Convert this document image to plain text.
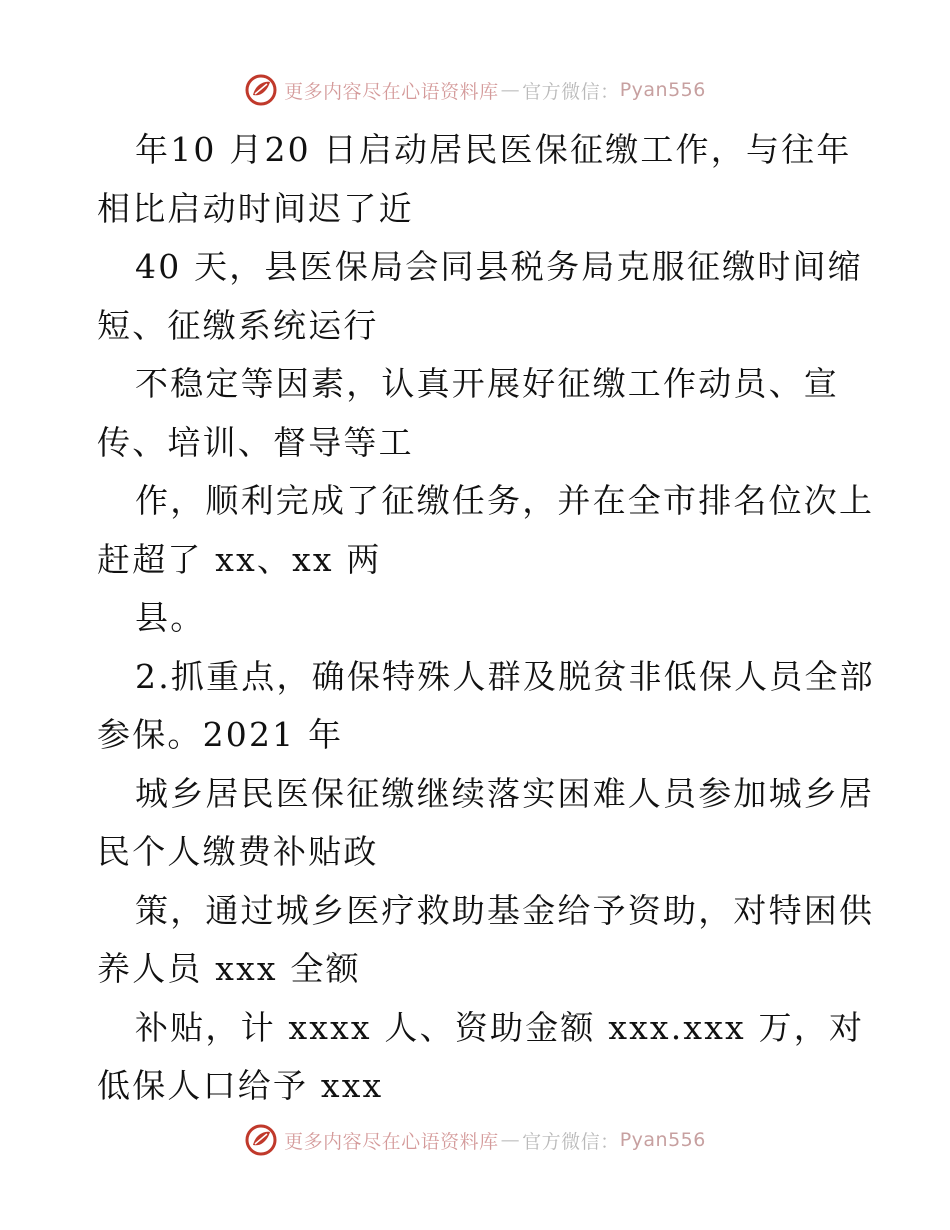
更多内容尽在心语资料库 — 官方微信： Pyan556
年10 月20 日启动居民医保征缴工作，与往年
相比启动时间迟了近
40 天，县医保局会同县税务局克服征缴时间缩
短、征缴系统运行
不稳定等因素，认真开展好征缴工作动员、宣
传、培训、督导等工
作，顺利完成了征缴任务，并在全市排名位次上
赶超了 xx、xx 两
县。
2.抓重点，确保特殊人群及脱贫非低保人员全部
参保。2021 年
城乡居民医保征缴继续落实困难人员参加城乡居
民个人缴费补贴政
策，通过城乡医疗救助基金给予资助，对特困供
养人员 xxx 全额
补贴，计 xxxx 人、资助金额 xxx.xxx 万，对
低保人口给予 xxx
更多内容尽在心语资料库 — 官方微信： Pyan556
